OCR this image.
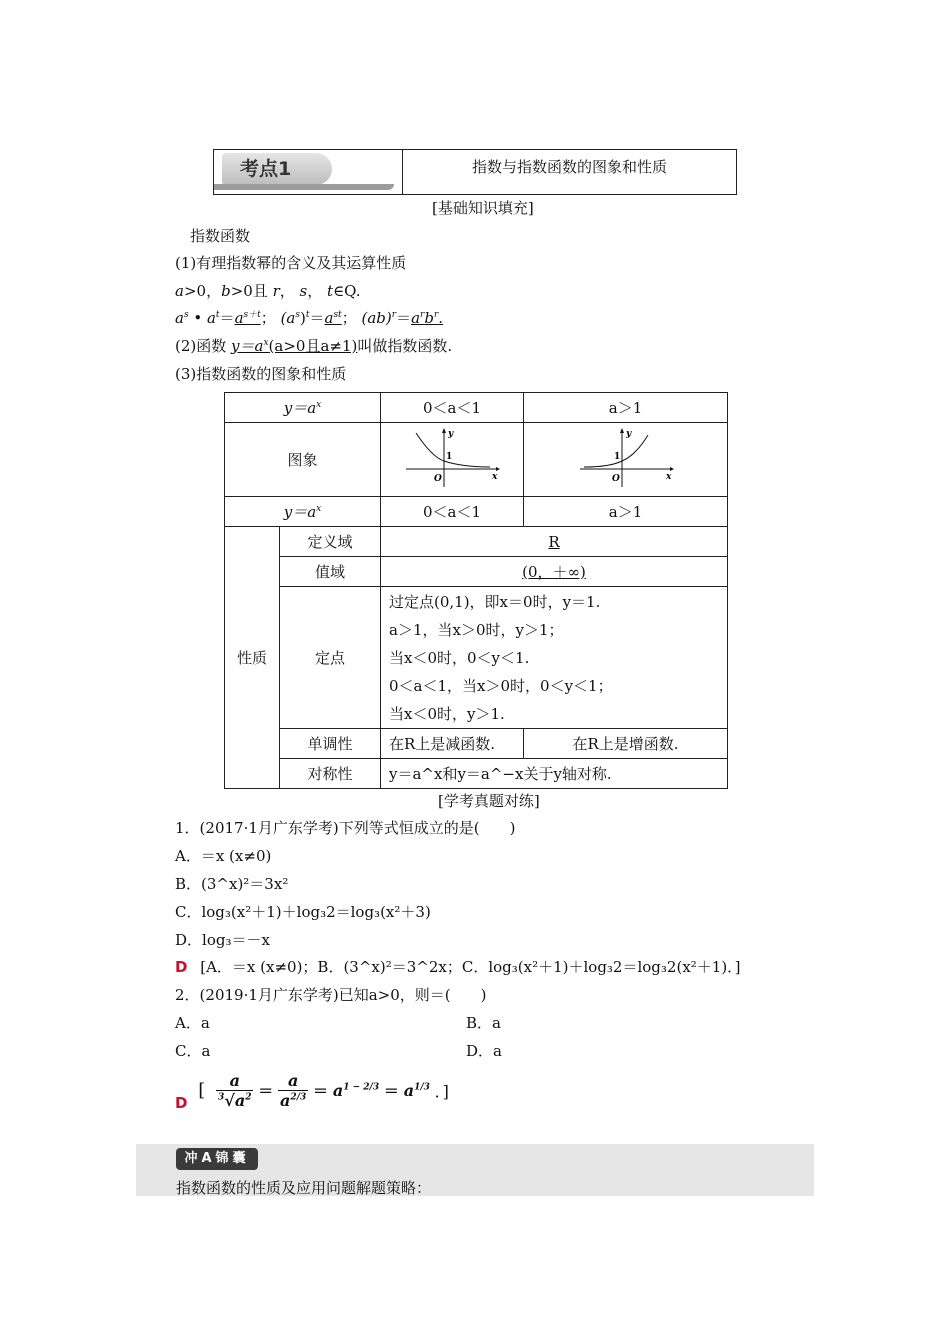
考点1	指数与指数函数的图象和性质
[基础知识填充]
指数函数
(1)有理指数幂的含义及其运算性质
a>0，b>0且 r， s， t∈Q.
$a^s$ • $a^t=a^{s+t}$； $(a^s)^t=a^{st}$； $(ab)^r=a^rb^r$.
(2)函数 $y=a^x(a>0$且a≠1)叫做指数函数.
(3)指数函数的图象和性质
$y=a^x$		0＜a＜1	a＞1
图象		y
x
O
1	y
x
O
1

$y=a^x$		0＜a＜1	a＞1
性质	定义域	R	
	值域	(0，＋∞)	
	定点	过定点(0,1)，即x＝0时，y＝1.
a＞1，当x＞0时，y＞1；
当x＜0时，0＜y＜1.
0＜a＜1，当x＞0时，0＜y＜1；
当x＜0时，y＞1.	

	单调性	在R上是减函数.	在R上是增函数.
	对称性	y＝a^x和y＝a^−x关于y轴对称.	
[学考真题对练]
1．(2017·1月广东学考)下列等式恒成立的是(　　)
A．＝x (x≠0)
B．(3^x)²＝3x²
C．log₃(x²＋1)＋log₃2＝log₃(x²＋3)
D．log₃＝－x
D [A．＝x (x≠0)；B．(3^x)²＝3^2x；C．log₃(x²＋1)＋log₃2＝log₃2(x²＋1)．]
2．(2019·1月广东学考)已知a>0，则＝(　　)
A．a	B．a
C．a	D．a
D [ $\frac{a}{^3√a^2} = \frac{a}{a^{2/3}} = a^{1 - 2/3} = a^{1/3}$ ．]
冲A锦囊
指数函数的性质及应用问题解题策略：
